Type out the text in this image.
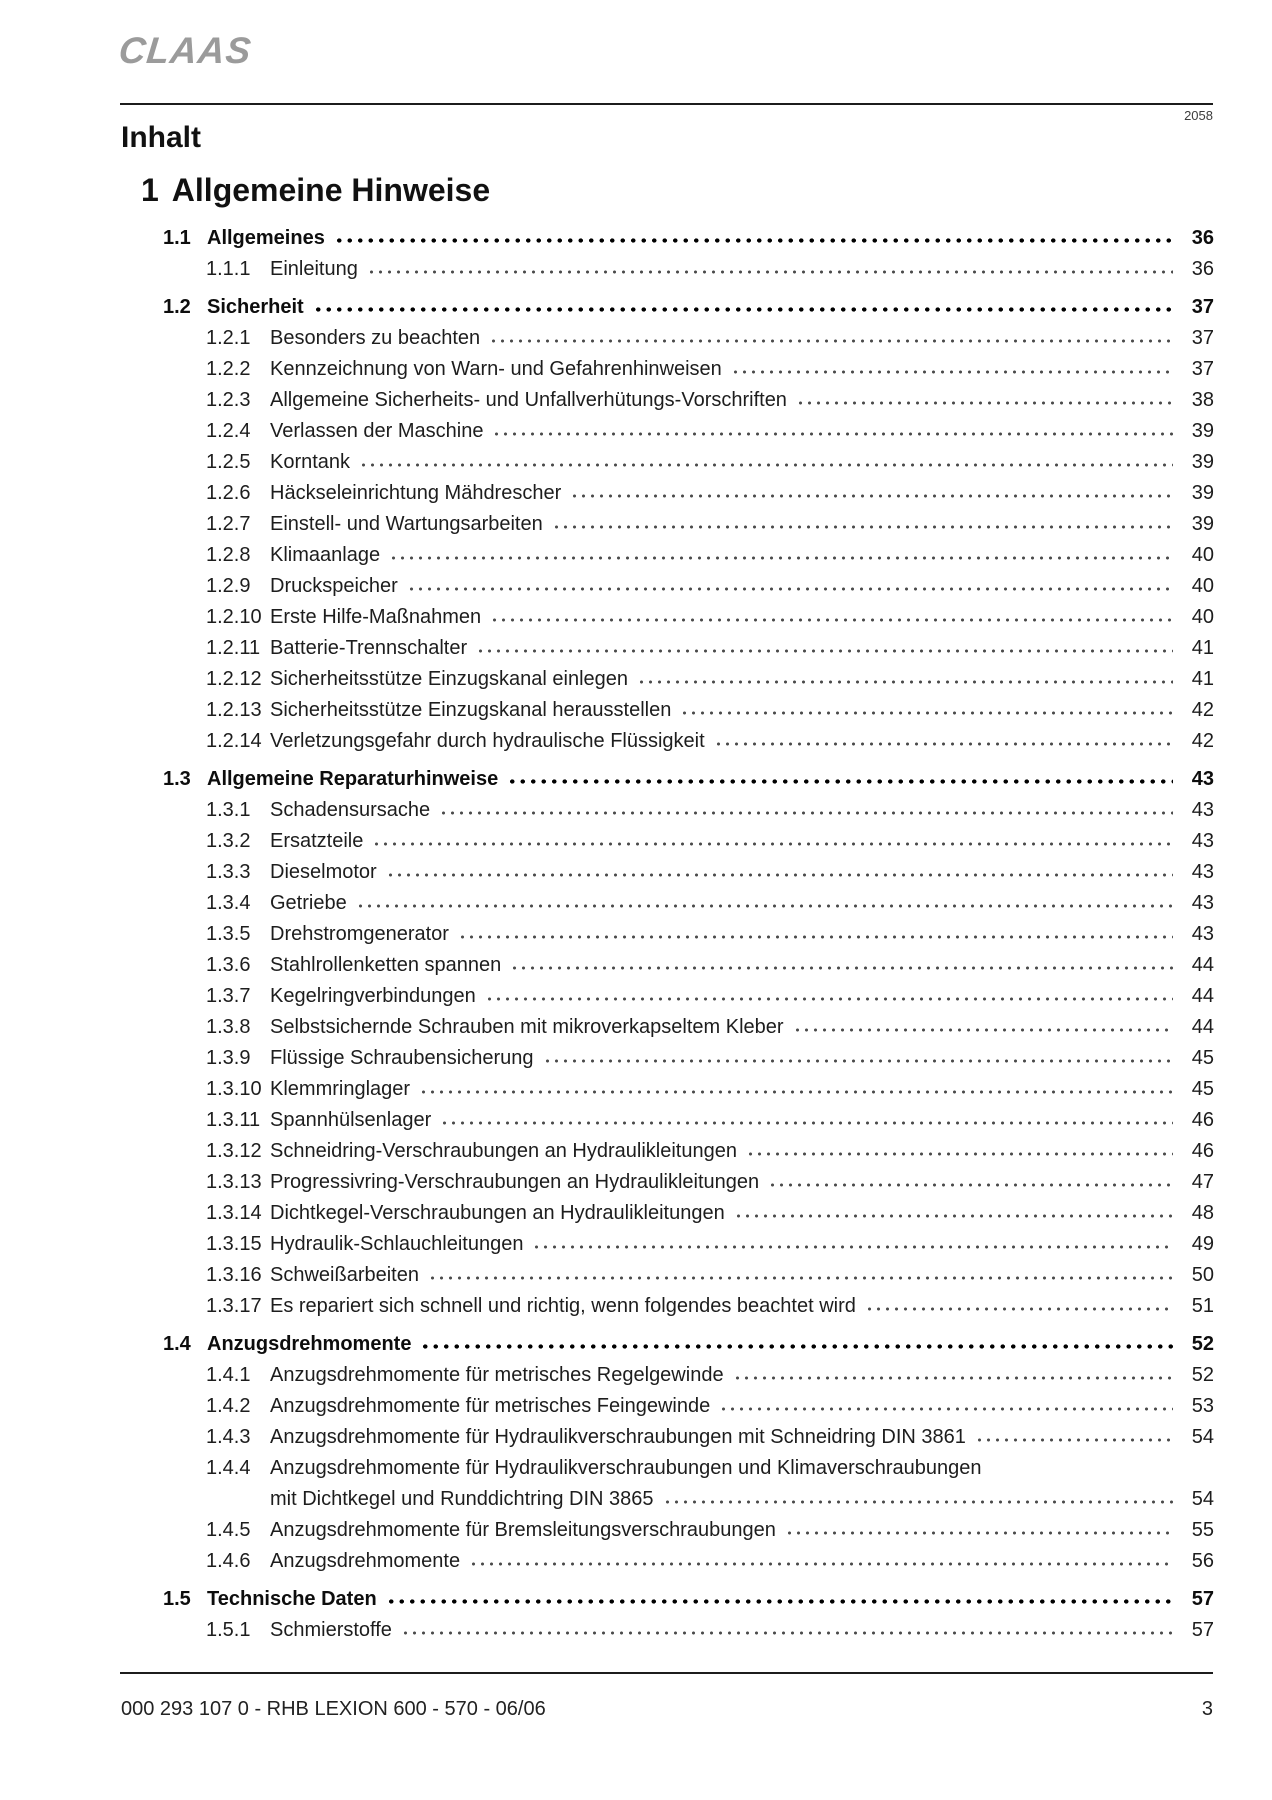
CLAAS
2058
Inhalt
1 Allgemeine Hinweise
1.1 Allgemeines	36
1.1.1 Einleitung	36
1.2 Sicherheit	37
1.2.1 Besonders zu beachten	37
1.2.2 Kennzeichnung von Warn- und Gefahrenhinweisen	37
1.2.3 Allgemeine Sicherheits- und Unfallverhütungs-Vorschriften	38
1.2.4 Verlassen der Maschine	39
1.2.5 Korntank	39
1.2.6 Häckseleinrichtung Mähdrescher	39
1.2.7 Einstell- und Wartungsarbeiten	39
1.2.8 Klimaanlage	40
1.2.9 Druckspeicher	40
1.2.10 Erste Hilfe-Maßnahmen	40
1.2.11 Batterie-Trennschalter	41
1.2.12 Sicherheitsstütze Einzugskanal einlegen	41
1.2.13 Sicherheitsstütze Einzugskanal herausstellen	42
1.2.14 Verletzungsgefahr durch hydraulische Flüssigkeit	42
1.3 Allgemeine Reparaturhinweise	43
1.3.1 Schadensursache	43
1.3.2 Ersatzteile	43
1.3.3 Dieselmotor	43
1.3.4 Getriebe	43
1.3.5 Drehstromgenerator	43
1.3.6 Stahlrollenketten spannen	44
1.3.7 Kegelringverbindungen	44
1.3.8 Selbstsichernde Schrauben mit mikroverkapseltem Kleber	44
1.3.9 Flüssige Schraubensicherung	45
1.3.10 Klemmringlager	45
1.3.11 Spannhülsenlager	46
1.3.12 Schneidring-Verschraubungen an Hydraulikleitungen	46
1.3.13 Progressivring-Verschraubungen an Hydraulikleitungen	47
1.3.14 Dichtkegel-Verschraubungen an Hydraulikleitungen	48
1.3.15 Hydraulik-Schlauchleitungen	49
1.3.16 Schweißarbeiten	50
1.3.17 Es repariert sich schnell und richtig, wenn folgendes beachtet wird	51
1.4 Anzugsdrehmomente	52
1.4.1 Anzugsdrehmomente für metrisches Regelgewinde	52
1.4.2 Anzugsdrehmomente für metrisches Feingewinde	53
1.4.3 Anzugsdrehmomente für Hydraulikverschraubungen mit Schneidring DIN 3861	54
1.4.4 Anzugsdrehmomente für Hydraulikverschraubungen und Klimaverschraubungen
mit Dichtkegel und Runddichtring DIN 3865	54
1.4.5 Anzugsdrehmomente für Bremsleitungsverschraubungen	55
1.4.6 Anzugsdrehmomente	56
1.5 Technische Daten	57
1.5.1 Schmierstoffe	57
000 293 107 0 - RHB LEXION 600 - 570 - 06/06	3
